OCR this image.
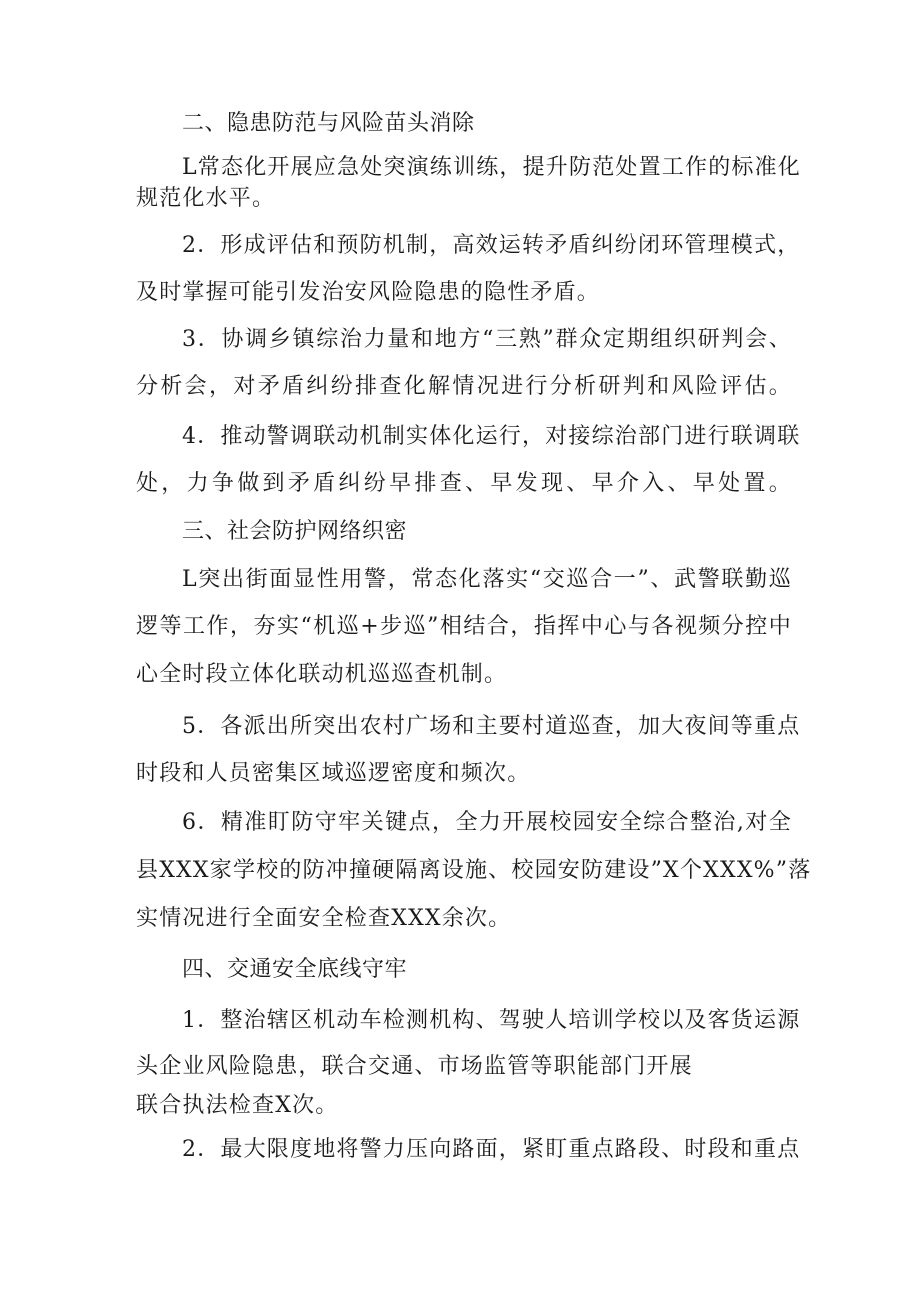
二、隐患防范与风险苗头消除
L常态化开展应急处突演练训练，提升防范处置工作的标准化
规范化水平。
2．形成评估和预防机制，高效运转矛盾纠纷闭环管理模式，
及时掌握可能引发治安风险隐患的隐性矛盾。
3．协调乡镇综治力量和地方“三熟”群众定期组织研判会、
分析会，对矛盾纠纷排查化解情况进行分析研判和风险评估。
4．推动警调联动机制实体化运行，对接综治部门进行联调联
处，力争做到矛盾纠纷早排查、早发现、早介入、早处置。
三、社会防护网络织密
L突出街面显性用警，常态化落实“交巡合一”、武警联勤巡
逻等工作，夯实“机巡+步巡”相结合，指挥中心与各视频分控中
心全时段立体化联动机巡巡查机制。
5．各派出所突出农村广场和主要村道巡查，加大夜间等重点
时段和人员密集区域巡逻密度和频次。
6．精准盯防守牢关键点，全力开展校园安全综合整治,对全
县XXX家学校的防冲撞硬隔离设施、校园安防建设”X个XXX%”落
实情况进行全面安全检查XXX余次。
四、交通安全底线守牢
1．整治辖区机动车检测机构、驾驶人培训学校以及客货运源
头企业风险隐患，联合交通、市场监管等职能部门开展
联合执法检查X次。
2．最大限度地将警力压向路面，紧盯重点路段、时段和重点
